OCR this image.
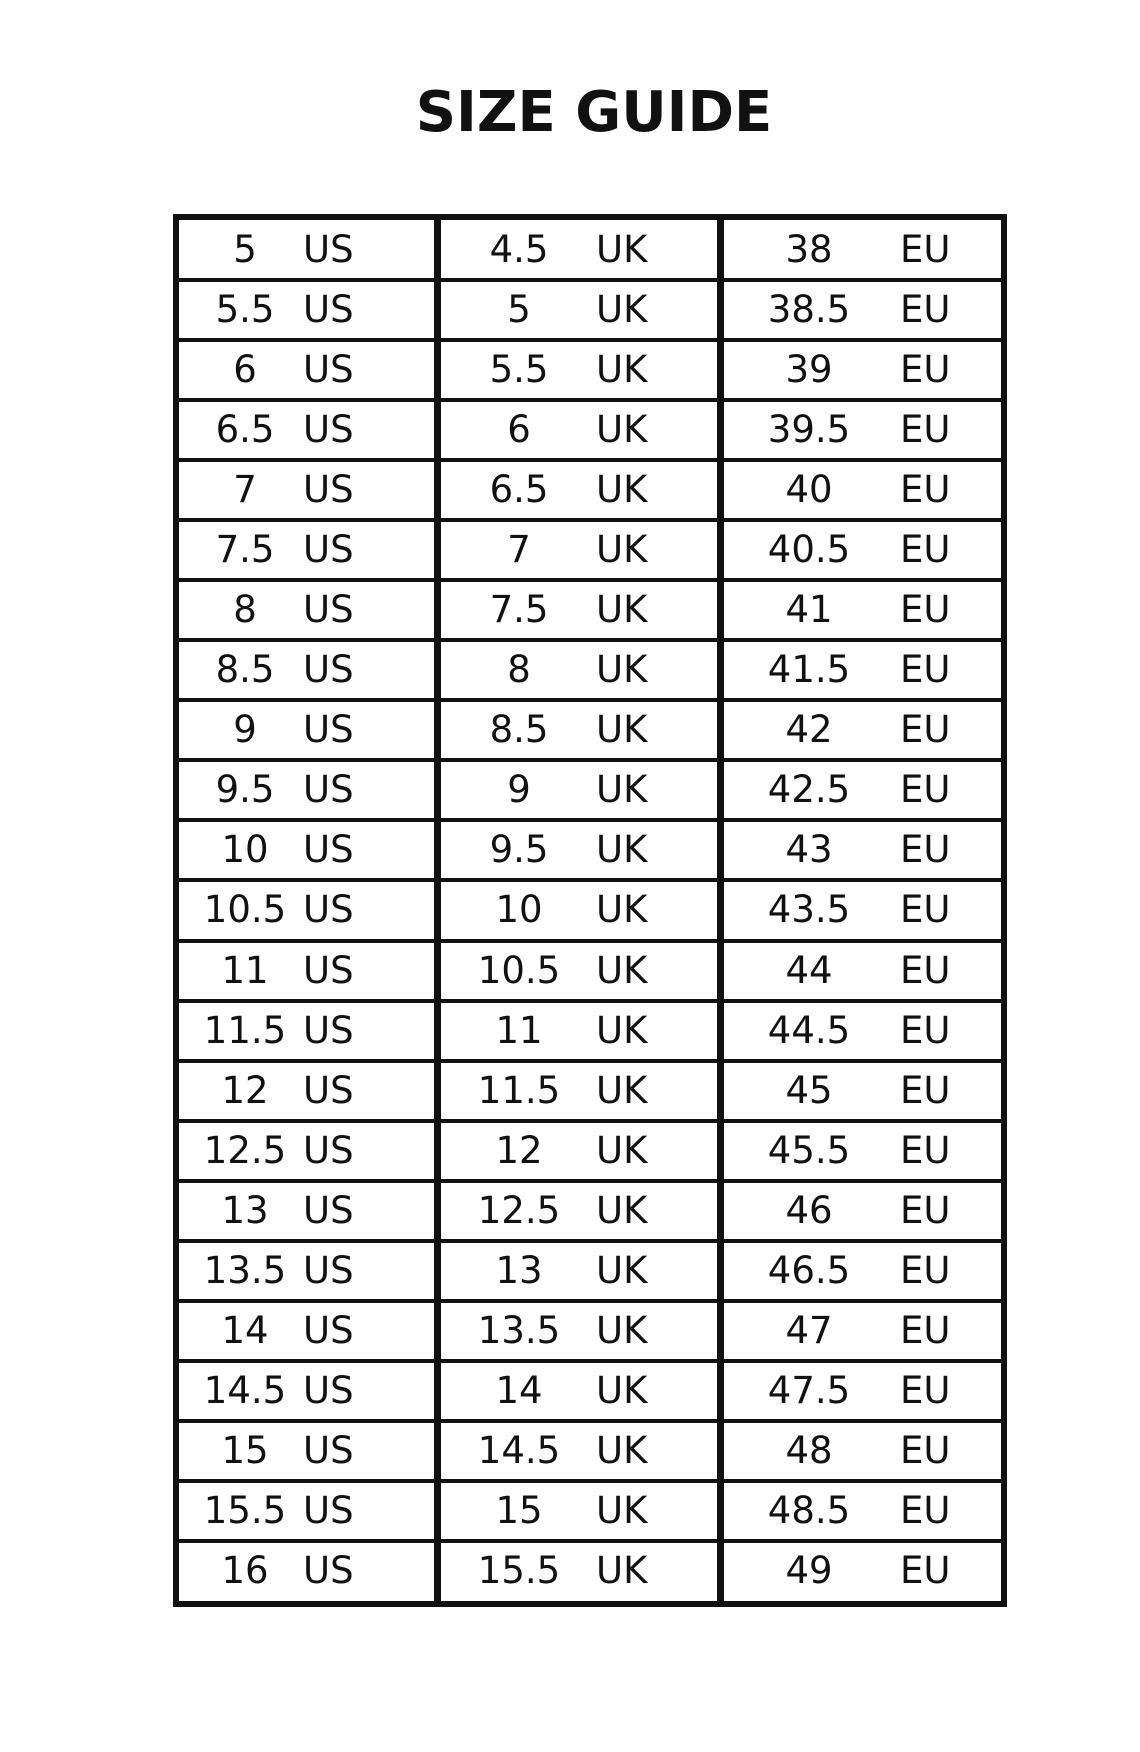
SIZE GUIDE
5	US	4.5	UK	38	EU
5.5 US	5	UK	38.5	EU
6	US	5.5	UK	39	EU
6.5 US	6	UK	39.5	EU
7	US	6.5	UK	40	EU
7.5 US	7	UK	40.5	EU
8	US	7.5	UK	41	EU
8.5 US	8	UK	41.5	EU
9	US	8.5	UK	42	EU
9.5 US	9	UK	42.5	EU
10 US	9.5	UK	43	EU
10.5 US	10	UK	43.5	EU
11 US	10.5 UK	44	EU
11.5 US	11	UK	44.5	EU
12 US	11.5 UK	45	EU
12.5 US	12	UK	45.5	EU
13 US	12.5 UK	46	EU
13.5 US	13	UK	46.5	EU
14 US	13.5 UK	47	EU
14.5 US	14	UK	47.5	EU
15 US	14.5 UK	48	EU
15.5 US	15	UK	48.5	EU
16 US	15.5 UK	49	EU
